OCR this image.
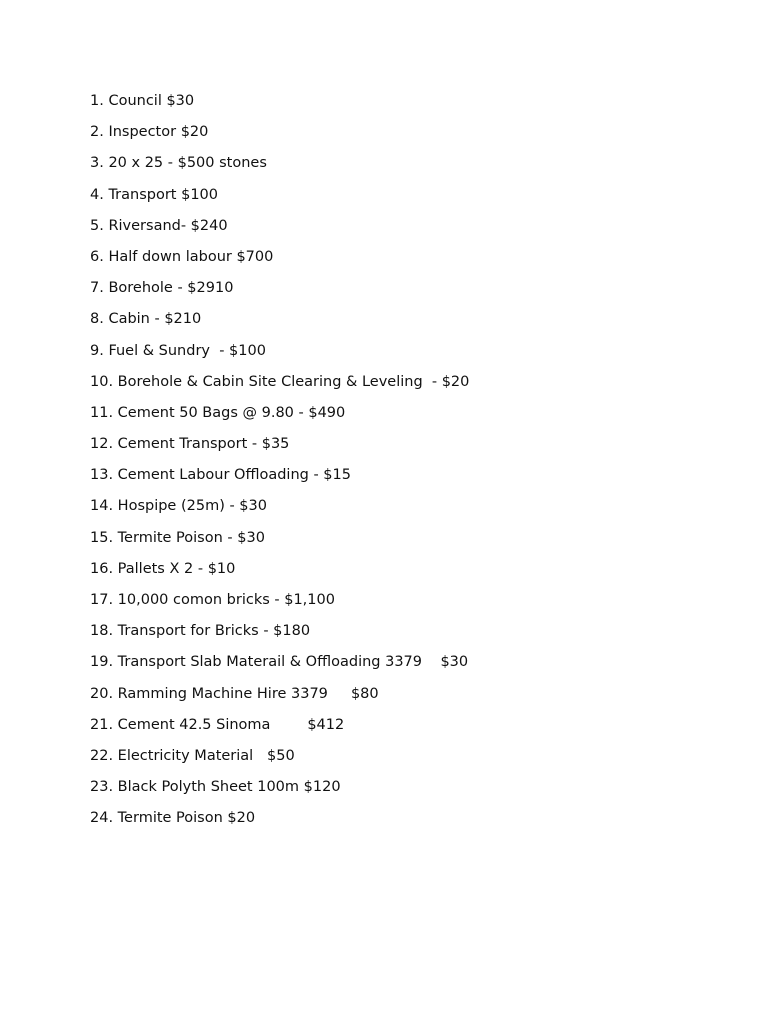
1. Council $30
2. Inspector $20
3. 20 x 25 - $500 stones
4. Transport $100
5. Riversand- $240
6. Half down labour $700
7. Borehole - $2910
8. Cabin - $210
9. Fuel & Sundry  - $100
10. Borehole & Cabin Site Clearing & Leveling  - $20
11. Cement 50 Bags @ 9.80 - $490
12. Cement Transport - $35
13. Cement Labour Offloading - $15
14. Hospipe (25m) - $30
15. Termite Poison - $30
16. Pallets X 2 - $10
17. 10,000 comon bricks - $1,100
18. Transport for Bricks - $180
19. Transport Slab Materail & Offloading 3379    $30
20. Ramming Machine Hire 3379     $80
21. Cement 42.5 Sinoma        $412
22. Electricity Material   $50
23. Black Polyth Sheet 100m $120
24. Termite Poison $20
